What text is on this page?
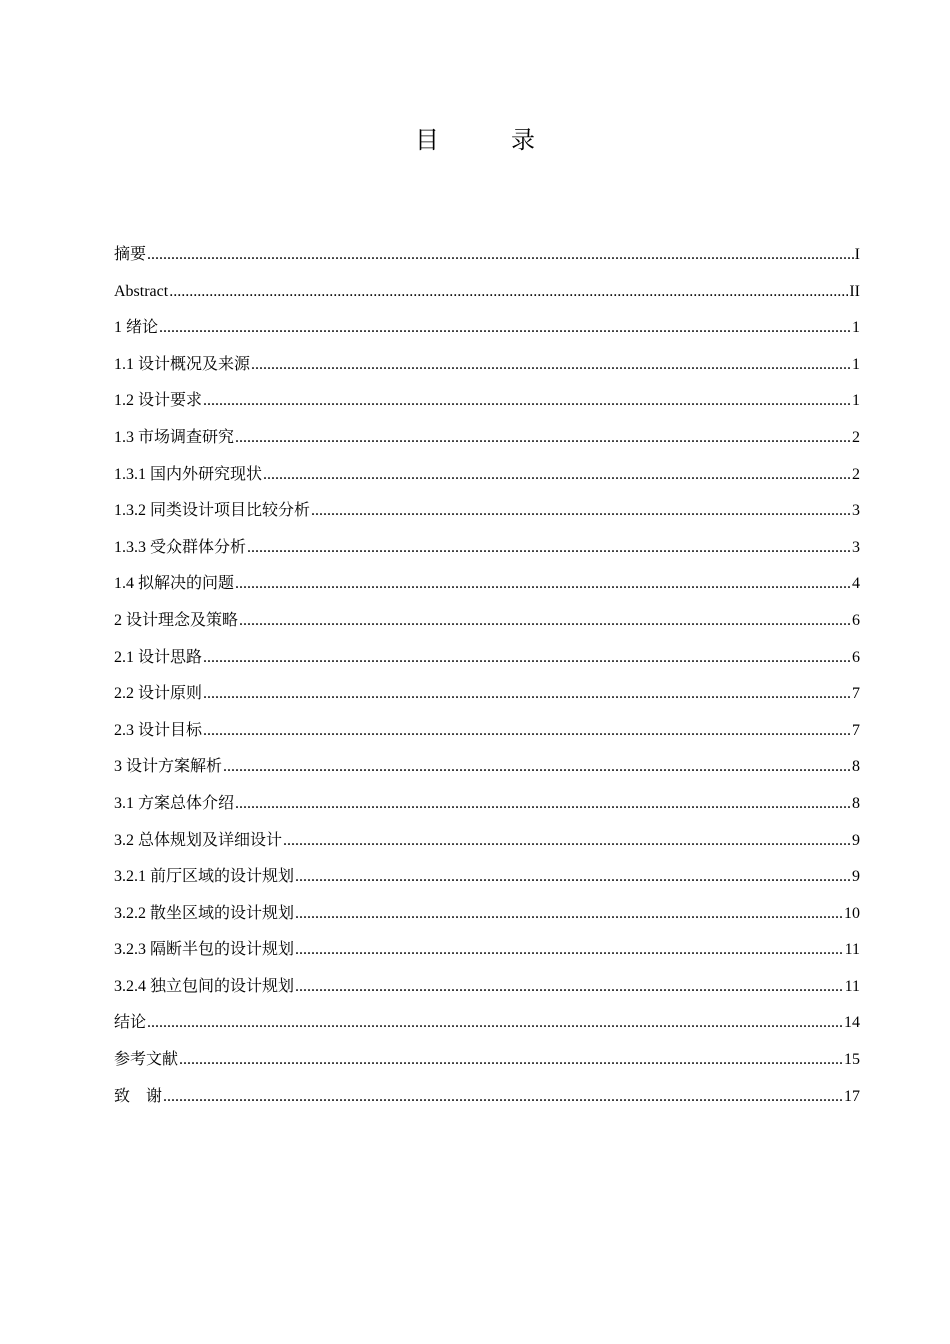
目　录
摘要 .....	I
Abstract .....	II
1 绪论 .....	1
1.1 设计概况及来源 .....	1
1.2 设计要求 .....	1
1.3 市场调查研究 .....	2
1.3.1 国内外研究现状 .....	2
1.3.2 同类设计项目比较分析 .....	3
1.3.3 受众群体分析 .....	3
1.4 拟解决的问题 .....	4
2 设计理念及策略 .....	6
2.1 设计思路 .....	6
2.2 设计原则 .....	7
2.3 设计目标 .....	7
3 设计方案解析 .....	8
3.1 方案总体介绍 .....	8
3.2 总体规划及详细设计 .....	9
3.2.1 前厅区域的设计规划 .....	9
3.2.2 散坐区域的设计规划 .....	10
3.2.3 隔断半包的设计规划 .....	11
3.2.4 独立包间的设计规划 .....	11
结论 .....	14
参考文献 .....	15
致　谢 .....	17
